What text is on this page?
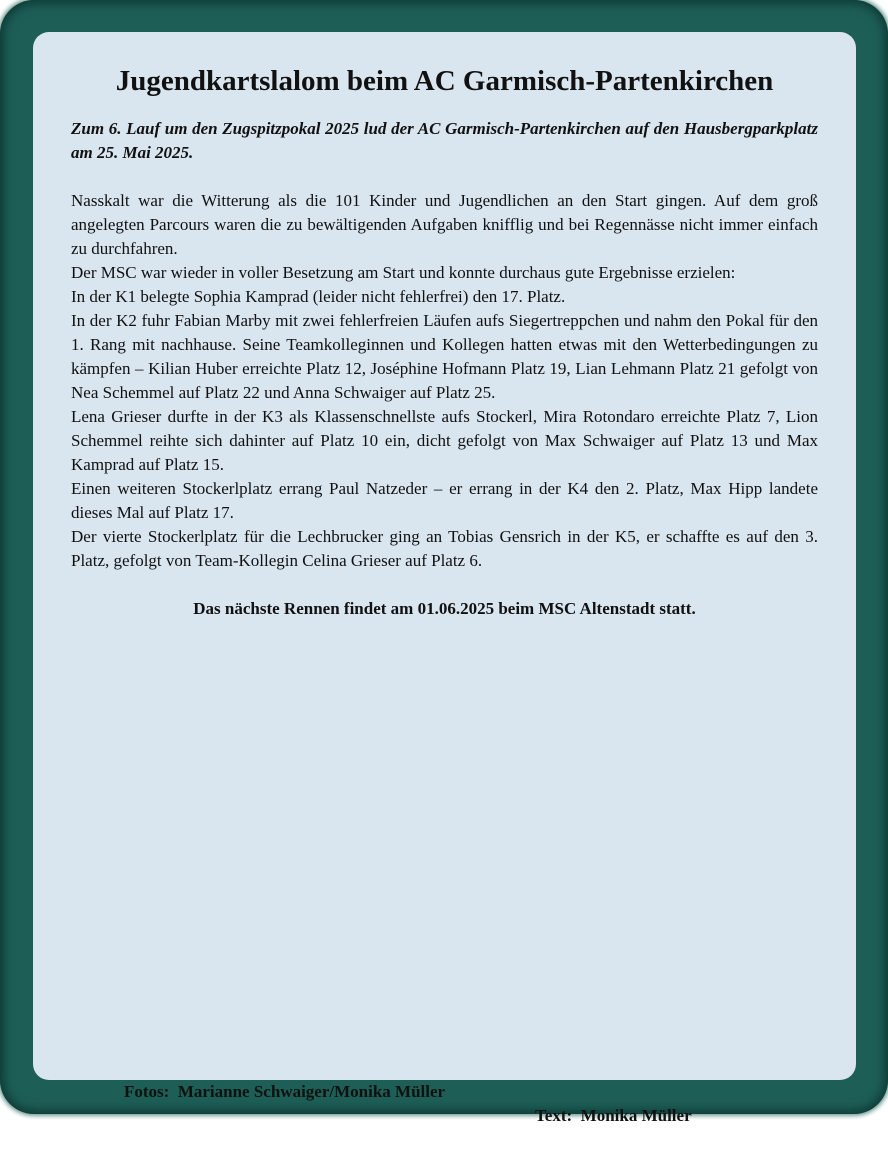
Jugendkartslalom beim AC Garmisch-Partenkirchen

Zum 6. Lauf um den Zugspitzpokal 2025 lud der AC Garmisch-Partenkirchen auf den Hausbergparkplatz am 25. Mai 2025.

Nasskalt war die Witterung als die 101 Kinder und Jugendlichen an den Start gingen. Auf dem groß angelegten Parcours waren die zu bewältigenden Aufgaben knifflig und bei Regennässe nicht immer einfach zu durchfahren.

Der MSC war wieder in voller Besetzung am Start und konnte durchaus gute Ergebnisse erzielen:

In der K1 belegte Sophia Kamprad (leider nicht fehlerfrei) den 17. Platz.

In der K2 fuhr Fabian Marby mit zwei fehlerfreien Läufen aufs Siegertreppchen und nahm den Pokal für den 1. Rang mit nachhause. Seine Teamkolleginnen und Kollegen hatten etwas mit den Wetterbedingungen zu kämpfen – Kilian Huber erreichte Platz 12, Joséphine Hofmann Platz 19, Lian Lehmann Platz 21 gefolgt von Nea Schemmel auf Platz 22 und Anna Schwaiger auf Platz 25.

Lena Grieser durfte in der K3 als Klassenschnellste aufs Stockerl, Mira Rotondaro erreichte Platz 7, Lion Schemmel reihte sich dahinter auf Platz 10 ein, dicht gefolgt von Max Schwaiger auf Platz 13 und Max Kamprad auf Platz 15.

Einen weiteren Stockerlplatz errang Paul Natzeder – er errang in der K4 den 2. Platz, Max Hipp landete dieses Mal auf Platz 17.

Der vierte Stockerlplatz für die Lechbrucker ging an Tobias Gensrich in der K5, er schaffte es auf den 3. Platz, gefolgt von Team-Kollegin Celina Grieser auf Platz 6.

Das nächste Rennen findet am 01.06.2025 beim MSC Altenstadt statt.

Fotos:  Marianne Schwaiger/Monika Müller

Text:  Monika Müller
